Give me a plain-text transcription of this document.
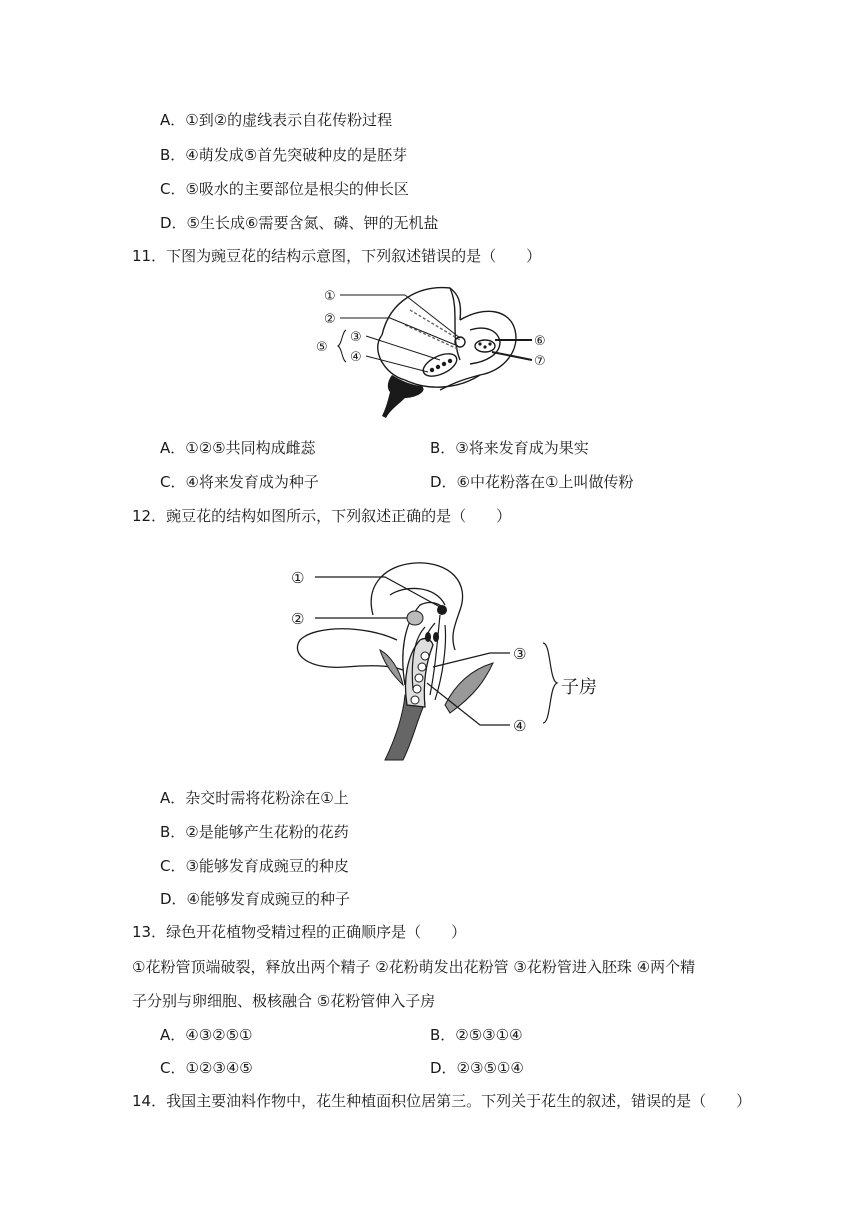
A．①到②的虚线表示自花传粉过程
B．④萌发成⑤首先突破种皮的是胚芽
C．⑤吸水的主要部位是根尖的伸长区
D．⑤生长成⑥需要含氮、磷、钾的无机盐
11．下图为豌豆花的结构示意图，下列叙述错误的是（　　）
①
②
③
④
⑤	⑥
⑦
A．①②⑤共同构成雌蕊	B．③将来发育成为果实
C．④将来发育成为种子	D．⑥中花粉落在①上叫做传粉
12．豌豆花的结构如图所示，下列叙述正确的是（　　）
①
②
③
④
子房
A．杂交时需将花粉涂在①上
B．②是能够产生花粉的花药
C．③能够发育成豌豆的种皮
D．④能够发育成豌豆的种子
13．绿色开花植物受精过程的正确顺序是（　　）
①花粉管顶端破裂，释放出两个精子 ②花粉萌发出花粉管 ③花粉管进入胚珠 ④两个精
子分别与卵细胞、极核融合 ⑤花粉管伸入子房
A．④③②⑤①	B．②⑤③①④
C．①②③④⑤	D．②③⑤①④
14．我国主要油料作物中，花生种植面积位居第三。下列关于花生的叙述，错误的是（　　）
